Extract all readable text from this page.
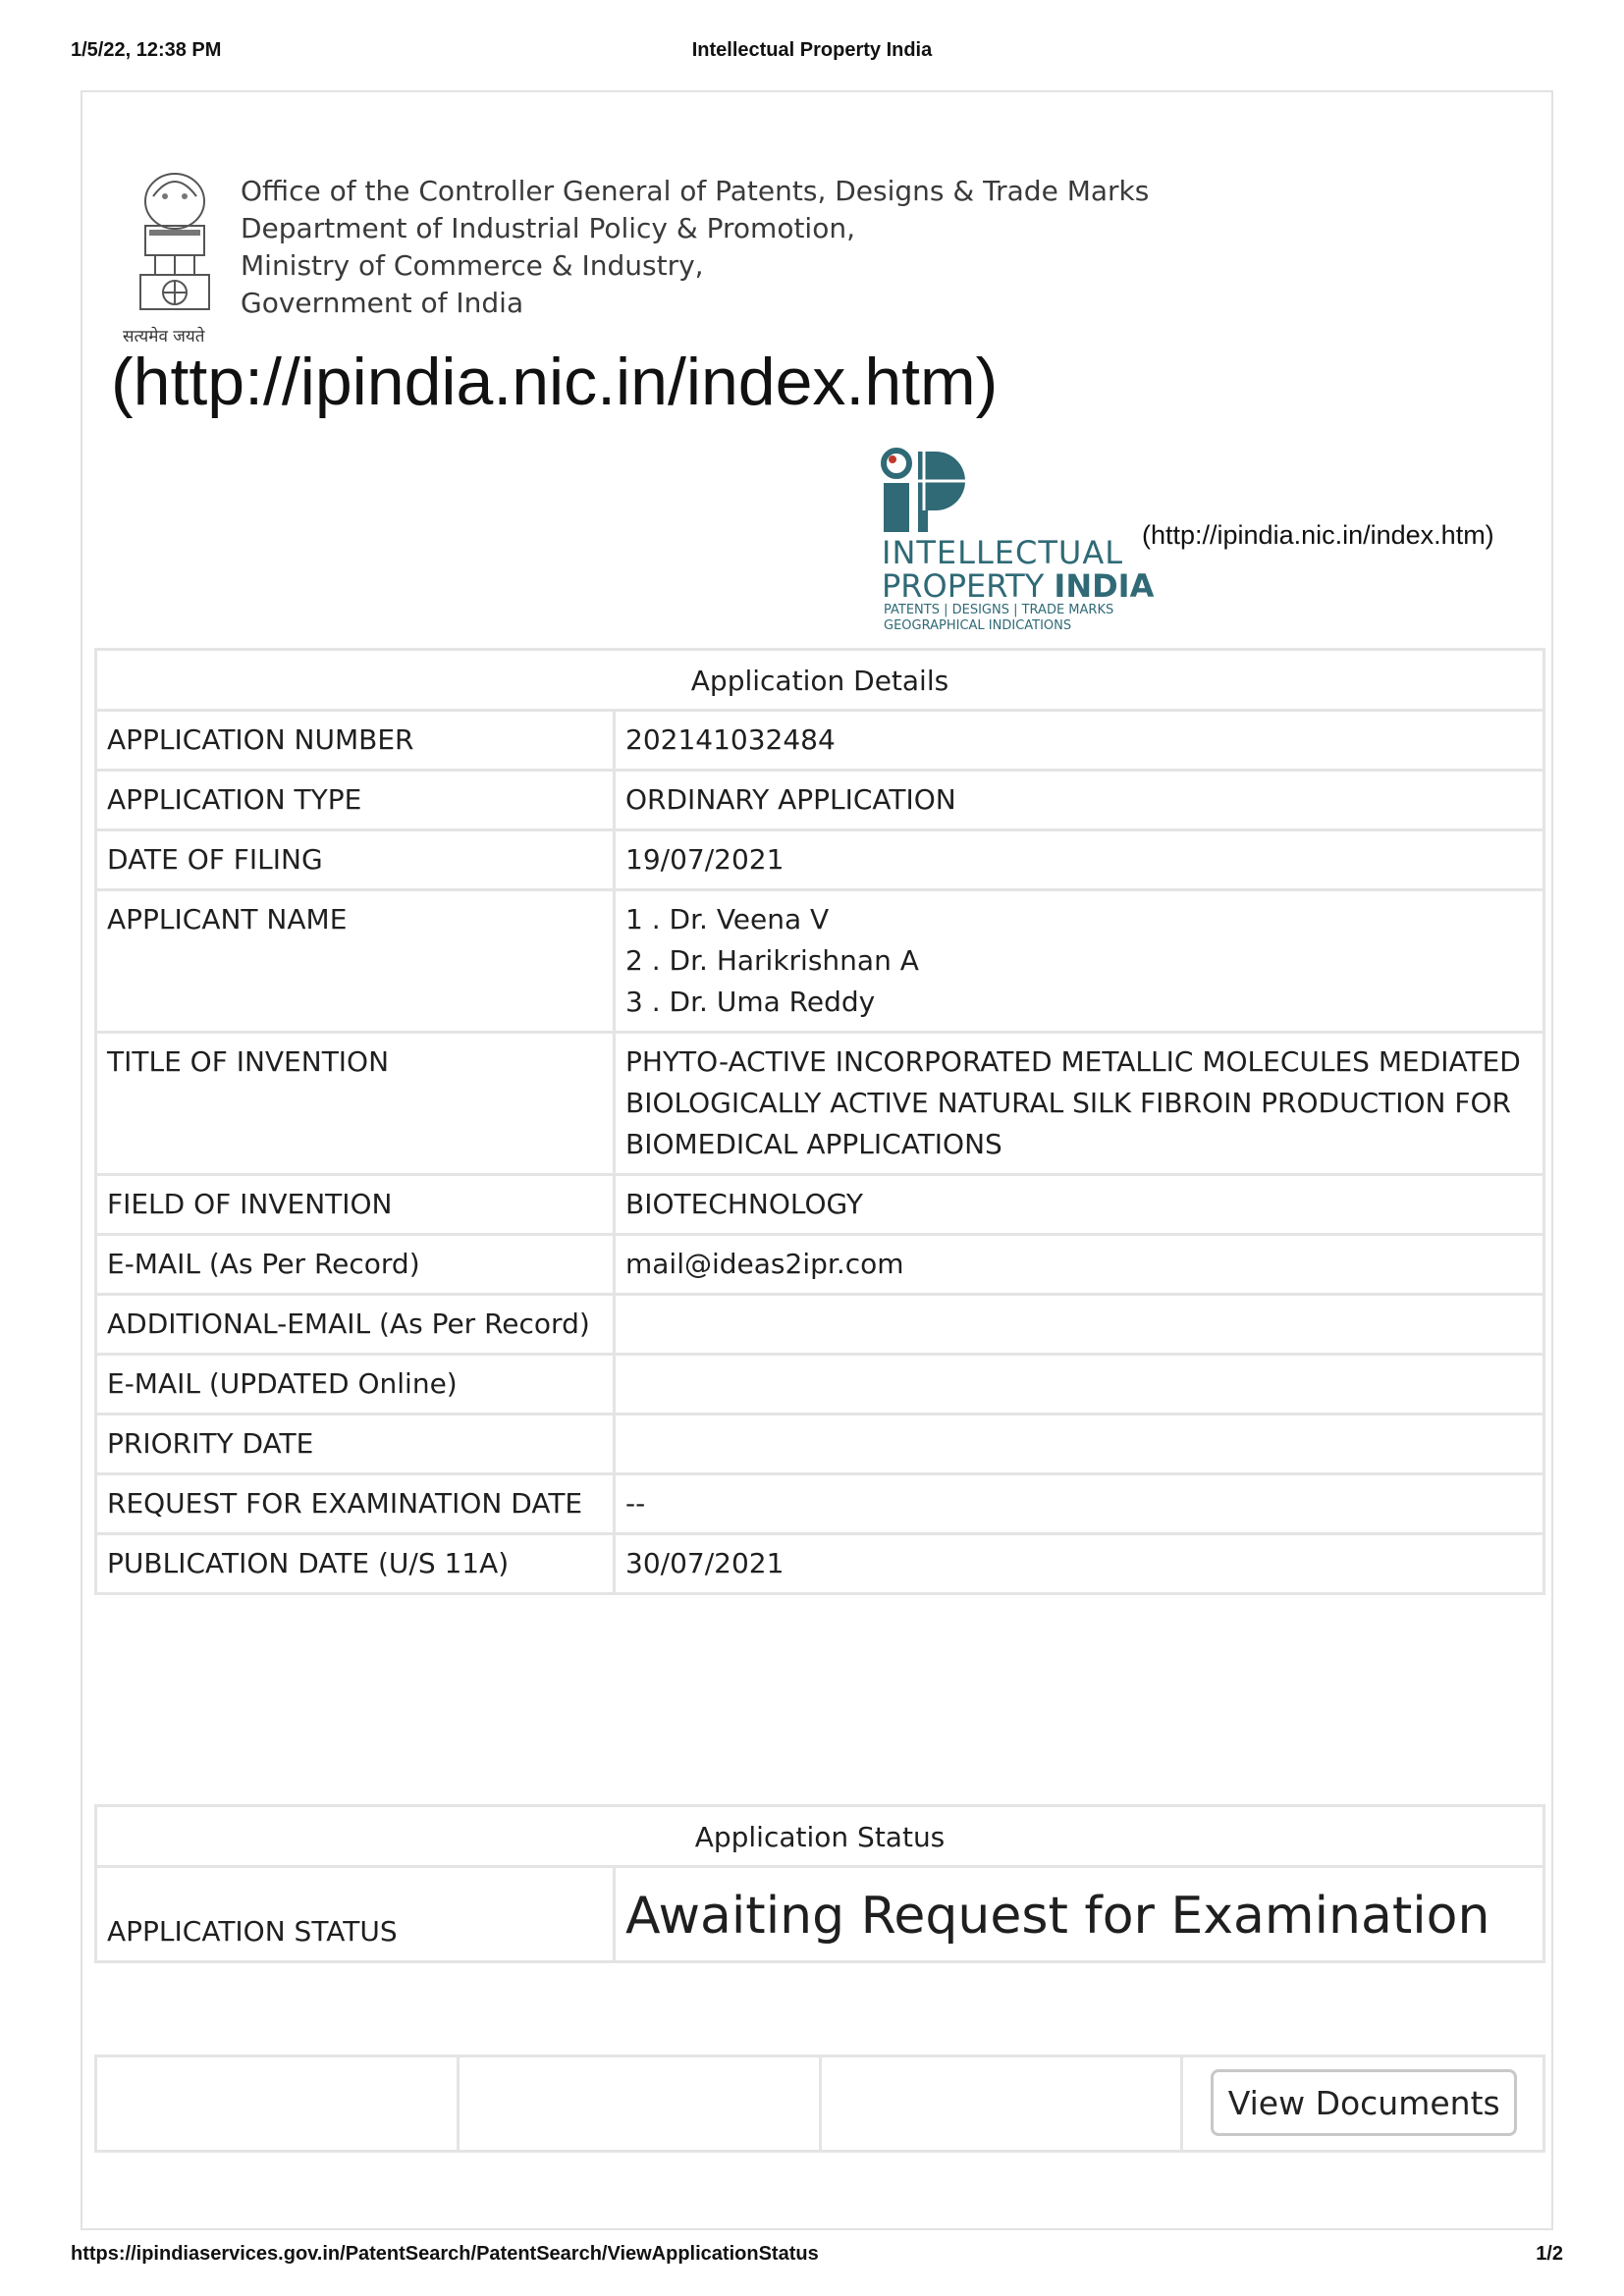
1/5/22, 12:38 PM	Intellectual Property India
सत्यमेव जयते
Office of the Controller General of Patents, Designs & Trade Marks
Department of Industrial Policy & Promotion,
Ministry of Commerce & Industry,
Government of India
(http://ipindia.nic.in/index.htm)
INTELLECTUAL
PROPERTY INDIA
PATENTS | DESIGNS | TRADE MARKS
GEOGRAPHICAL INDICATIONS
(http://ipindia.nic.in/index.htm)
Application Details	
APPLICATION NUMBER	202141032484

APPLICATION TYPE	ORDINARY APPLICATION

DATE OF FILING	19/07/2021

APPLICANT NAME	1 . Dr. Veena V
2 . Dr. Harikrishnan A
3 . Dr. Uma Reddy

TITLE OF INVENTION	PHYTO-ACTIVE INCORPORATED METALLIC MOLECULES MEDIATED
BIOLOGICALLY ACTIVE NATURAL SILK FIBROIN PRODUCTION FOR
BIOMEDICAL APPLICATIONS

FIELD OF INVENTION	BIOTECHNOLOGY

E-MAIL (As Per Record)	mail@ideas2ipr.com

ADDITIONAL-EMAIL (As Per Record)	

E-MAIL (UPDATED Online)	

PRIORITY DATE	

REQUEST FOR EXAMINATION DATE	--

PUBLICATION DATE (U/S 11A)	30/07/2021
Application Status
APPLICATION STATUS	Awaiting Request for Examination
View Documents
https://ipindiaservices.gov.in/PatentSearch/PatentSearch/ViewApplicationStatus	1/2
